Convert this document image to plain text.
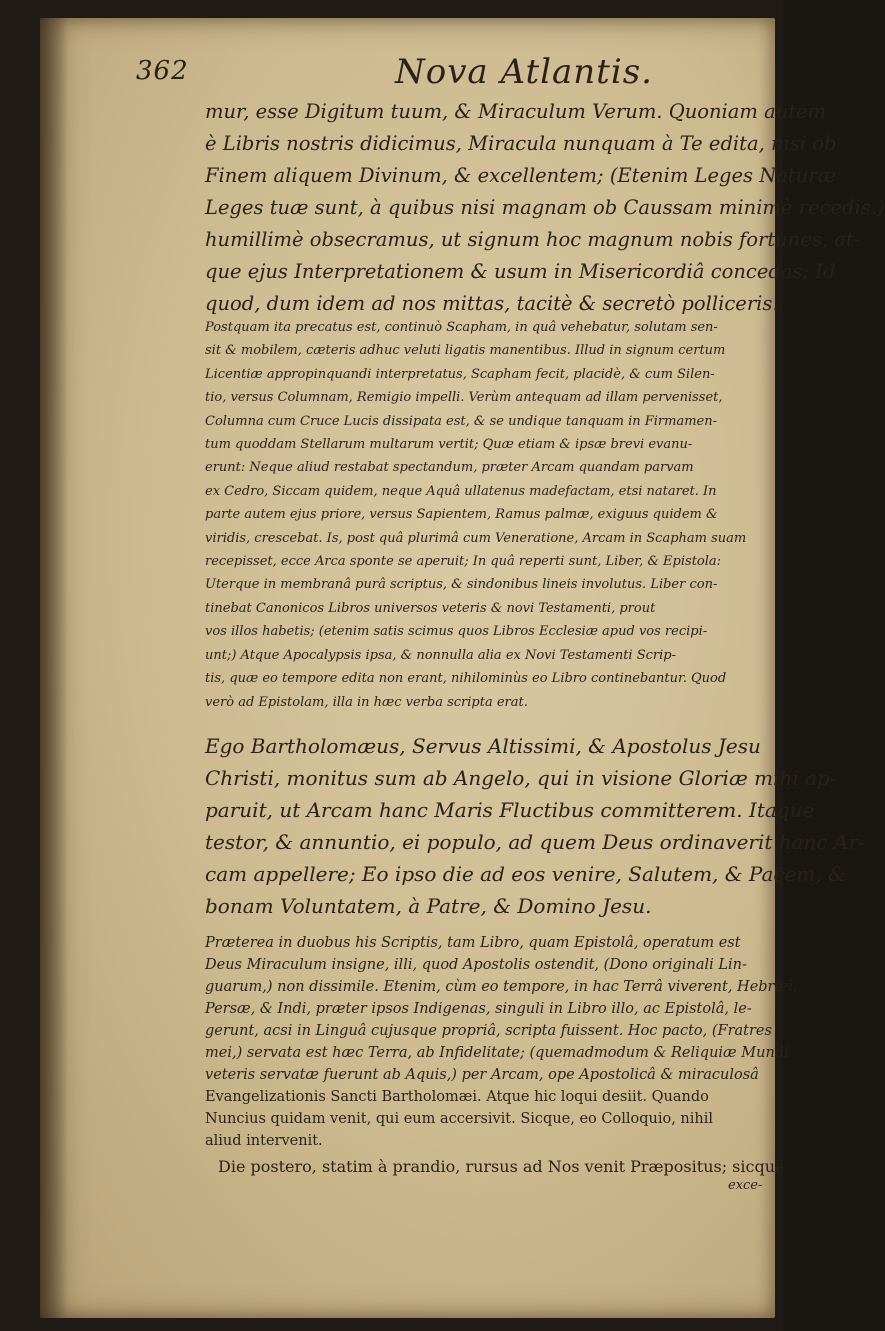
362	Nova Atlantis.
mur, esse Digitum tuum, & Miraculum Verum. Quoniam autem
è Libris nostris didicimus, Miracula nunquam à Te edita, nisi ob
Finem aliquem Divinum, & excellentem; (Etenim Leges Naturæ
Leges tuæ sunt, à quibus nisi magnam ob Caussam minimè recedis.)
humillimè obsecramus, ut signum hoc magnum nobis fortunes, at-
que ejus Interpretationem & usum in Misericordiâ concedas; Id
quod, dum idem ad nos mittas, tacitè & secretò polliceris.
Postquam ita precatus est, continuò Scapham, in quâ vehebatur, solutam sen-
sit & mobilem, cæteris adhuc veluti ligatis manentibus. Illud in signum certum
Licentiæ appropinquandi interpretatus, Scapham fecit, placidè, & cum Silen-
tio, versus Columnam, Remigio impelli. Verùm antequam ad illam pervenisset,
Columna cum Cruce Lucis dissipata est, & se undique tanquam in Firmamen-
tum quoddam Stellarum multarum vertit; Quæ etiam & ipsæ brevi evanu-
erunt: Neque aliud restabat spectandum, præter Arcam quandam parvam
ex Cedro, Siccam quidem, neque Aquâ ullatenus madefactam, etsi nataret. In
parte autem ejus priore, versus Sapientem, Ramus palmæ, exiguus quidem &
viridis, crescebat. Is, post quâ plurimâ cum Veneratione, Arcam in Scapham suam
recepisset, ecce Arca sponte se aperuit; In quâ reperti sunt, Liber, & Epistola:
Uterque in membranâ purâ scriptus, & sindonibus lineis involutus. Liber con-
tinebat Canonicos Libros universos veteris & novi Testamenti, prout
vos illos habetis; (etenim satis scimus quos Libros Ecclesiæ apud vos recipi-
unt;) Atque Apocalypsis ipsa, & nonnulla alia ex Novi Testamenti Scrip-
tis, quæ eo tempore edita non erant, nihilominùs eo Libro continebantur. Quod
verò ad Epistolam, illa in hæc verba scripta erat.
Ego Bartholomæus, Servus Altissimi, & Apostolus Jesu
Christi, monitus sum ab Angelo, qui in visione Gloriæ mihi ap-
paruit, ut Arcam hanc Maris Fluctibus committerem. Itaque
testor, & annuntio, ei populo, ad quem Deus ordinaverit hanc Ar-
cam appellere; Eo ipso die ad eos venire, Salutem, & Pacem, &
bonam Voluntatem, à Patre, & Domino Jesu.
Præterea in duobus his Scriptis, tam Libro, quam Epistolâ, operatum est
Deus Miraculum insigne, illi, quod Apostolis ostendit, (Dono originali Lin-
guarum,) non dissimile. Etenim, cùm eo tempore, in hac Terrâ viverent, Hebræi,
Persæ, & Indi, præter ipsos Indigenas, singuli in Libro illo, ac Epistolâ, le-
gerunt, acsi in Linguâ cujusque propriâ, scripta fuissent. Hoc pacto, (Fratres
mei,) servata est hæc Terra, ab Infidelitate; (quemadmodum & Reliquiæ Mundi
veteris servatæ fuerunt ab Aquis,) per Arcam, ope Apostolicâ & miraculosâ
Evangelizationis Sancti Bartholomæi. Atque hic loqui desiit. Quando
Nuncius quidam venit, qui eum accersivit. Sicque, eo Colloquio, nihil
aliud intervenit.
Die postero, statim à prandio, rursus ad Nos venit Præpositus; sicque
exce-
